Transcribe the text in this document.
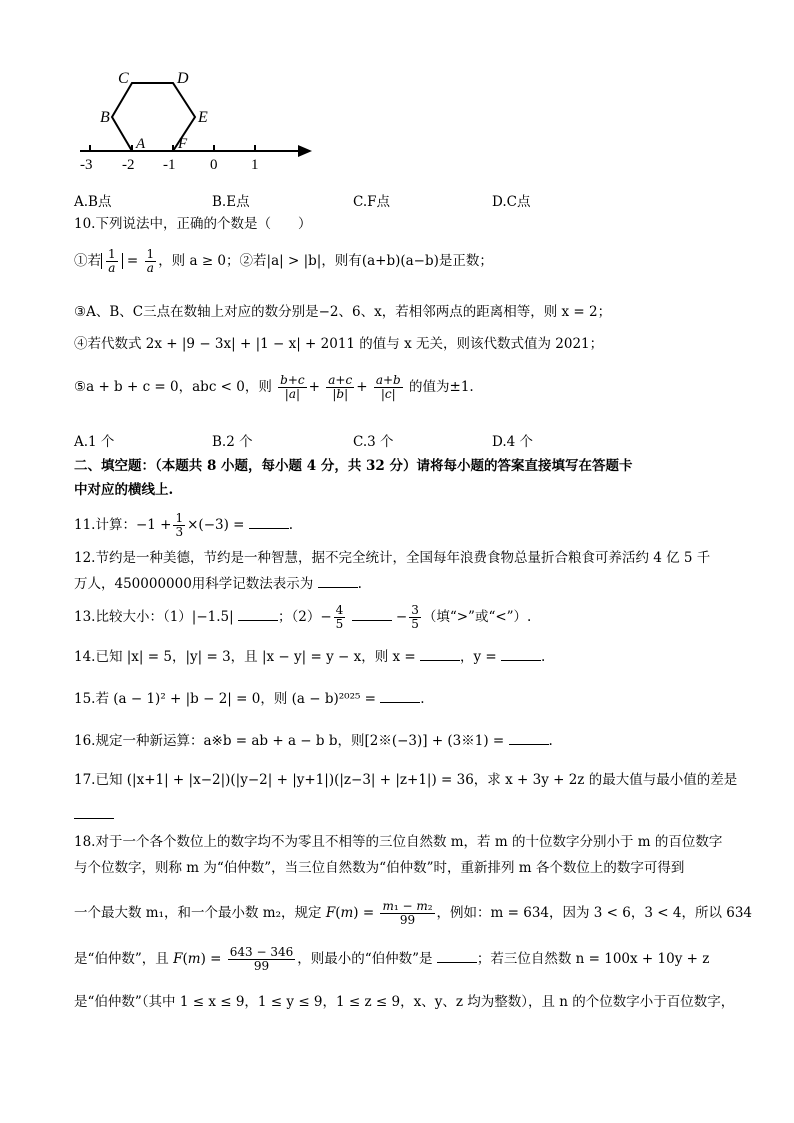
C	D
B	E
A F
-3 -2 -1 0 1
A.B点	B.E点	C.F点	D.C点
10.下列说法中，正确的个数是（　　）
①若 $\frac{1}{a} = \frac{1}{a}$ ，则 a ≥ 0；②若|a| > |b|，则有(a+b)(a−b)是正数；
③A、B、C三点在数轴上对应的数分别是−2、6、x，若相邻两点的距离相等，则 x = 2；
④若代数式 2x + |9 − 3x| + |1 − x| + 2011 的值与 x 无关，则该代数式值为 2021；
⑤a + b + c = 0，abc < 0，则 $\frac{b+c}{|a|} + \frac{a+c}{|b|} + \frac{a+b}{|c|}$ 的值为±1.
A.1 个	B.2 个	C.3 个	D.4 个
二、填空题：（本题共 8 小题，每小题 4 分，共 32 分）请将每小题的答案直接填写在答题卡
中对应的横线上.
11.计算：$-1 + \frac{1}{3} \times(-3)$ =	.
12.节约是一种美德，节约是一种智慧，据不完全统计，全国每年浪费食物总量折合粮食可养活约 4 亿 5 千
万人，450000000用科学记数法表示为	.
13.比较大小：（1）|−1.5|	；$(2)- \frac{4}{5}$	− $\frac{3}{5}$ （填“>”或“<”）.
14.已知 |x| = 5，|y| = 3，且 |x − y| = y − x，则 x =	，y =	.
15.若 (a − 1)² + |b − 2| = 0，则 (a − b)²⁰²⁵ =	.
16.规定一种新运算：a※b = ab + a − b b，则[2※(−3)] + (3※1) =	.
17.已知 (|x+1| + |x−2|)(|y−2| + |y+1|)(|z−3| + |z+1|) = 36，求 x + 3y + 2z 的最大值与最小值的差是
18.对于一个各个数位上的数字均不为零且不相等的三位自然数 m，若 m 的十位数字分别小于 m 的百位数字
与个位数字，则称 m 为“伯仲数”，当三位自然数为“伯仲数”时，重新排列 m 各个数位上的数字可得到
一个最大数 m₁，和一个最小数 m₂，规定 $F(m) = \frac{\text{m₁ − m₂}}{99}$ ，例如：m = 634，因为 3 < 6，3 < 4，所以 634
是“伯仲数”，且 $F(m) = \frac{643 - 346}{99}$ ，则最小的“伯仲数”是	；若三位自然数 n = 100x + 10y + z
是“伯仲数”（其中 1 ≤ x ≤ 9，1 ≤ y ≤ 9，1 ≤ z ≤ 9，x、y、z 均为整数），且 n 的个位数字小于百位数字，
